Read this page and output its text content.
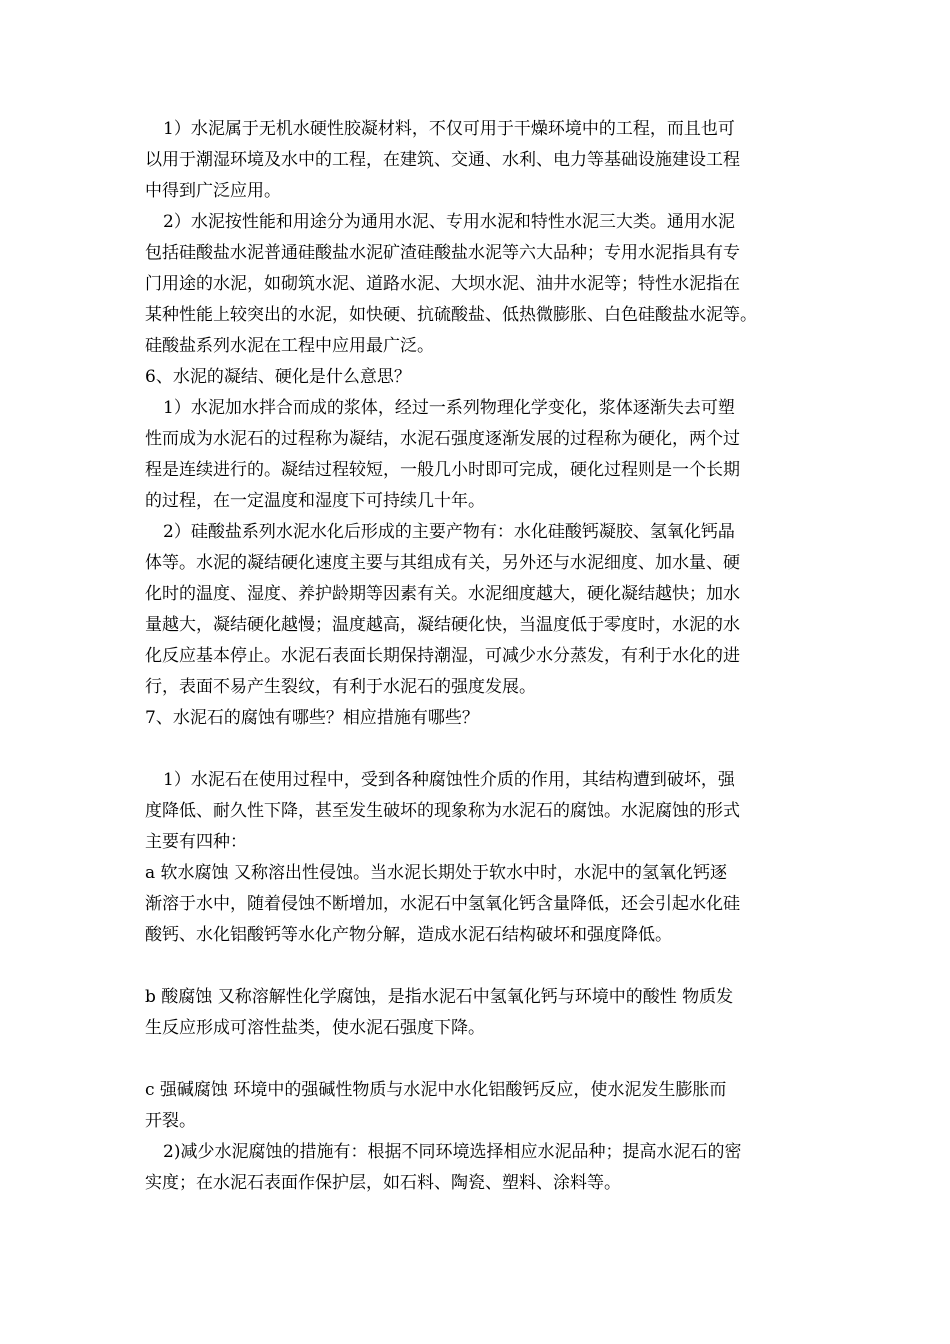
1）水泥属于无机水硬性胶凝材料，不仅可用于干燥环境中的工程，而且也可
以用于潮湿环境及水中的工程，在建筑、交通、水利、电力等基础设施建设工程
中得到广泛应用。
2）水泥按性能和用途分为通用水泥、专用水泥和特性水泥三大类。通用水泥
包括硅酸盐水泥普通硅酸盐水泥矿渣硅酸盐水泥等六大品种；专用水泥指具有专
门用途的水泥，如砌筑水泥、道路水泥、大坝水泥、油井水泥等；特性水泥指在
某种性能上较突出的水泥，如快硬、抗硫酸盐、低热微膨胀、白色硅酸盐水泥等。
硅酸盐系列水泥在工程中应用最广泛。
6、水泥的凝结、硬化是什么意思？
1）水泥加水拌合而成的浆体，经过一系列物理化学变化，浆体逐渐失去可塑
性而成为水泥石的过程称为凝结，水泥石强度逐渐发展的过程称为硬化，两个过
程是连续进行的。凝结过程较短，一般几小时即可完成，硬化过程则是一个长期
的过程，在一定温度和湿度下可持续几十年。
2）硅酸盐系列水泥水化后形成的主要产物有：水化硅酸钙凝胶、氢氧化钙晶
体等。水泥的凝结硬化速度主要与其组成有关，另外还与水泥细度、加水量、硬
化时的温度、湿度、养护龄期等因素有关。水泥细度越大，硬化凝结越快；加水
量越大，凝结硬化越慢；温度越高，凝结硬化快，当温度低于零度时，水泥的水
化反应基本停止。水泥石表面长期保持潮湿，可减少水分蒸发，有利于水化的进
行，表面不易产生裂纹，有利于水泥石的强度发展。
7、水泥石的腐蚀有哪些？相应措施有哪些？
1）水泥石在使用过程中，受到各种腐蚀性介质的作用，其结构遭到破坏，强
度降低、耐久性下降，甚至发生破坏的现象称为水泥石的腐蚀。水泥腐蚀的形式
主要有四种：
a 软水腐蚀 又称溶出性侵蚀。当水泥长期处于软水中时，水泥中的氢氧化钙逐
渐溶于水中，随着侵蚀不断增加，水泥石中氢氧化钙含量降低，还会引起水化硅
酸钙、水化铝酸钙等水化产物分解，造成水泥石结构破坏和强度降低。
b 酸腐蚀 又称溶解性化学腐蚀，是指水泥石中氢氧化钙与环境中的酸性 物质发
生反应形成可溶性盐类，使水泥石强度下降。
c 强碱腐蚀 环境中的强碱性物质与水泥中水化铝酸钙反应，使水泥发生膨胀而
开裂。
2)减少水泥腐蚀的措施有：根据不同环境选择相应水泥品种；提高水泥石的密
实度；在水泥石表面作保护层，如石料、陶瓷、塑料、涂料等。
